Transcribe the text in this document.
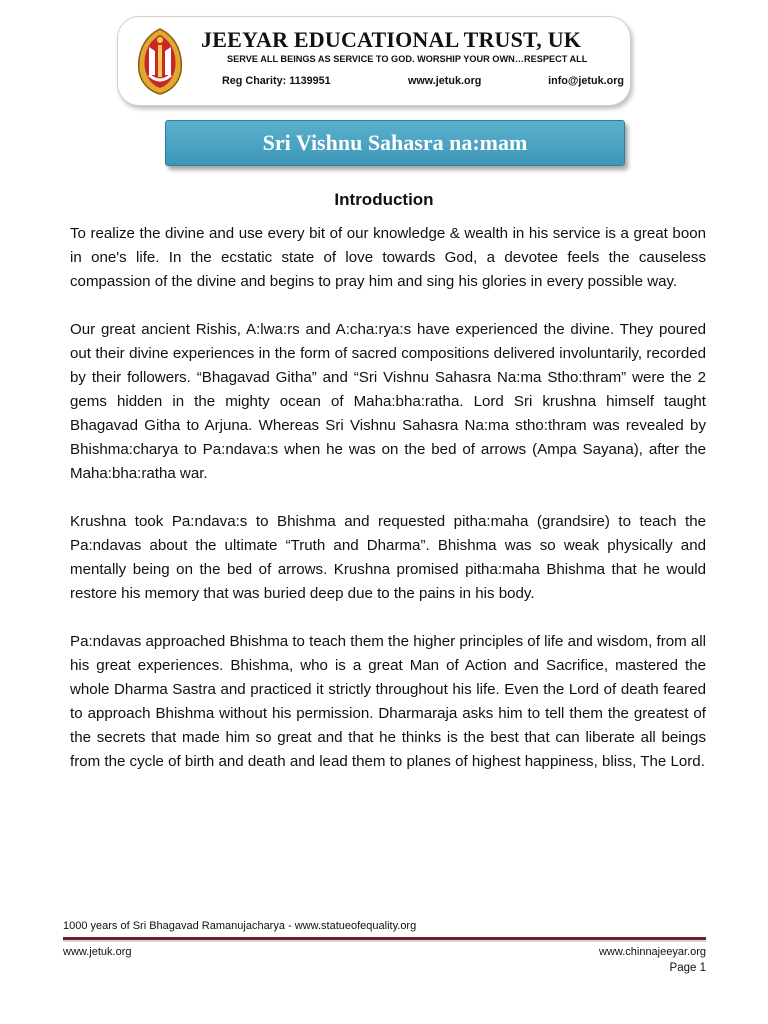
JEEYAR EDUCATIONAL TRUST, UK
SERVE ALL BEINGS AS SERVICE TO GOD. WORSHIP YOUR OWN…RESPECT ALL
Reg Charity: 1139951	www.jetuk.org	info@jetuk.org
Sri Vishnu Sahasra na:mam
Introduction

To realize the divine and use every bit of our knowledge & wealth in his service is a great boon in one's life. In the ecstatic state of love towards God, a devotee feels the causeless compassion of the divine and begins to pray him and sing his glories in every possible way.

Our great ancient Rishis, A:lwa:rs and A:cha:rya:s have experienced the divine. They poured out their divine experiences in the form of sacred compositions delivered involuntarily, recorded by their followers. “Bhagavad Githa” and “Sri Vishnu Sahasra Na:ma Stho:thram” were the 2 gems hidden in the mighty ocean of Maha:bha:ratha. Lord Sri krushna himself taught Bhagavad Githa to Arjuna. Whereas Sri Vishnu Sahasra Na:ma stho:thram was revealed by Bhishma:charya to Pa:ndava:s when he was on the bed of arrows (Ampa Sayana), after the Maha:bha:ratha war.

Krushna took Pa:ndava:s to Bhishma and requested pitha:maha (grandsire) to teach the Pa:ndavas about the ultimate “Truth and Dharma”. Bhishma was so weak physically and mentally being on the bed of arrows. Krushna promised pitha:maha Bhishma that he would restore his memory that was buried deep due to the pains in his body.

Pa:ndavas approached Bhishma to teach them the higher principles of life and wisdom, from all his great experiences. Bhishma, who is a great Man of Action and Sacrifice, mastered the whole Dharma Sastra and practiced it strictly throughout his life. Even the Lord of death feared to approach Bhishma without his permission. Dharmaraja asks him to tell them the greatest of the secrets that made him so great and that he thinks is the best that can liberate all beings from the cycle of birth and death and lead them to planes of highest happiness, bliss, The Lord.

1000 years of Sri Bhagavad Ramanujacharya - www.statueofequality.org
www.jetuk.org	www.chinnajeeyar.org
Page 1
